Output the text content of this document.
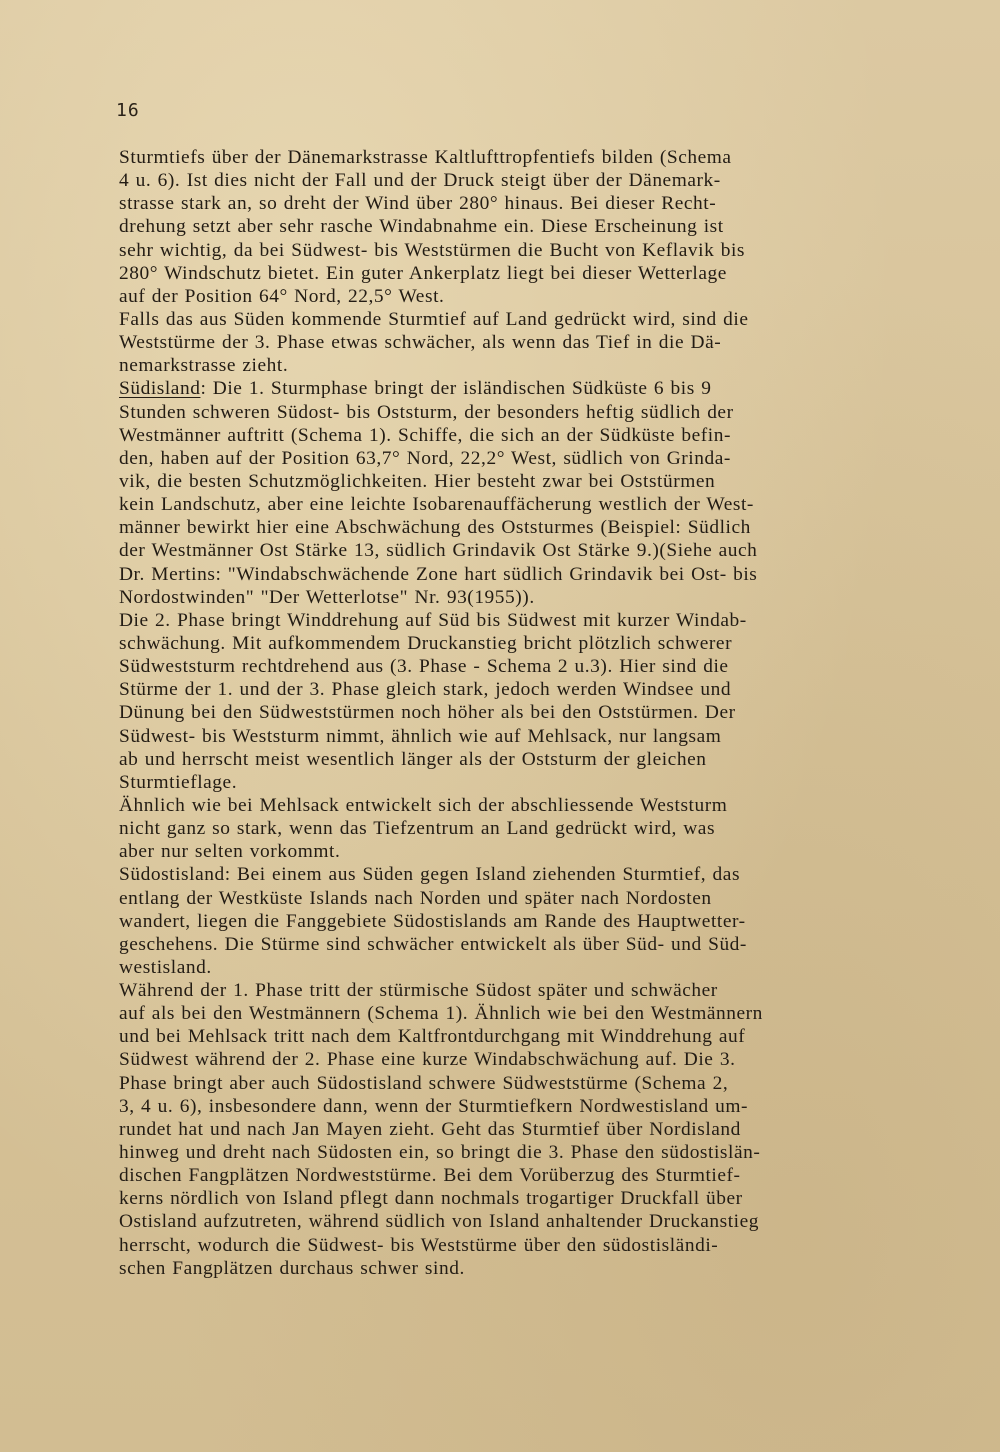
16
Sturmtiefs über der Dänemarkstrasse Kaltlufttropfentiefs bilden (Schema
4 u. 6). Ist dies nicht der Fall und der Druck steigt über der Dänemark-
strasse stark an, so dreht der Wind über 280° hinaus. Bei dieser Recht-
drehung setzt aber sehr rasche Windabnahme ein. Diese Erscheinung ist
sehr wichtig, da bei Südwest- bis Weststürmen die Bucht von Keflavik bis
280° Windschutz bietet. Ein guter Ankerplatz liegt bei dieser Wetterlage
auf der Position 64° Nord, 22,5° West.
Falls das aus Süden kommende Sturmtief auf Land gedrückt wird, sind die
Weststürme der 3. Phase etwas schwächer, als wenn das Tief in die Dä-
nemarkstrasse zieht.
Südisland: Die 1. Sturmphase bringt der isländischen Südküste 6 bis 9
Stunden schweren Südost- bis Oststurm, der besonders heftig südlich der
Westmänner auftritt (Schema 1). Schiffe, die sich an der Südküste befin-
den, haben auf der Position 63,7° Nord, 22,2° West, südlich von Grinda-
vik, die besten Schutzmöglichkeiten. Hier besteht zwar bei Oststürmen
kein Landschutz, aber eine leichte Isobarenauffächerung westlich der West-
männer bewirkt hier eine Abschwächung des Oststurmes (Beispiel: Südlich
der Westmänner Ost Stärke 13, südlich Grindavik Ost Stärke 9.)(Siehe auch
Dr. Mertins: "Windabschwächende Zone hart südlich Grindavik bei Ost- bis
Nordostwinden" "Der Wetterlotse" Nr. 93(1955)).
Die 2. Phase bringt Winddrehung auf Süd bis Südwest mit kurzer Windab-
schwächung. Mit aufkommendem Druckanstieg bricht plötzlich schwerer
Südweststurm rechtdrehend aus (3. Phase - Schema 2 u.3). Hier sind die
Stürme der 1. und der 3. Phase gleich stark, jedoch werden Windsee und
Dünung bei den Südweststürmen noch höher als bei den Oststürmen. Der
Südwest- bis Weststurm nimmt, ähnlich wie auf Mehlsack, nur langsam
ab und herrscht meist wesentlich länger als der Oststurm der gleichen
Sturmtieflage.
Ähnlich wie bei Mehlsack entwickelt sich der abschliessende Weststurm
nicht ganz so stark, wenn das Tiefzentrum an Land gedrückt wird, was
aber nur selten vorkommt.
Südostisland: Bei einem aus Süden gegen Island ziehenden Sturmtief, das
entlang der Westküste Islands nach Norden und später nach Nordosten
wandert, liegen die Fanggebiete Südostislands am Rande des Hauptwetter-
geschehens. Die Stürme sind schwächer entwickelt als über Süd- und Süd-
westisland.
Während der 1. Phase tritt der stürmische Südost später und schwächer
auf als bei den Westmännern (Schema 1). Ähnlich wie bei den Westmännern
und bei Mehlsack tritt nach dem Kaltfrontdurchgang mit Winddrehung auf
Südwest während der 2. Phase eine kurze Windabschwächung auf. Die 3.
Phase bringt aber auch Südostisland schwere Südweststürme (Schema 2,
3, 4 u. 6), insbesondere dann, wenn der Sturmtiefkern Nordwestisland um-
rundet hat und nach Jan Mayen zieht. Geht das Sturmtief über Nordisland
hinweg und dreht nach Südosten ein, so bringt die 3. Phase den südostislän-
dischen Fangplätzen Nordweststürme. Bei dem Vorüberzug des Sturmtief-
kerns nördlich von Island pflegt dann nochmals trogartiger Druckfall über
Ostisland aufzutreten, während südlich von Island anhaltender Druckanstieg
herrscht, wodurch die Südwest- bis Weststürme über den südostisländi-
schen Fangplätzen durchaus schwer sind.
